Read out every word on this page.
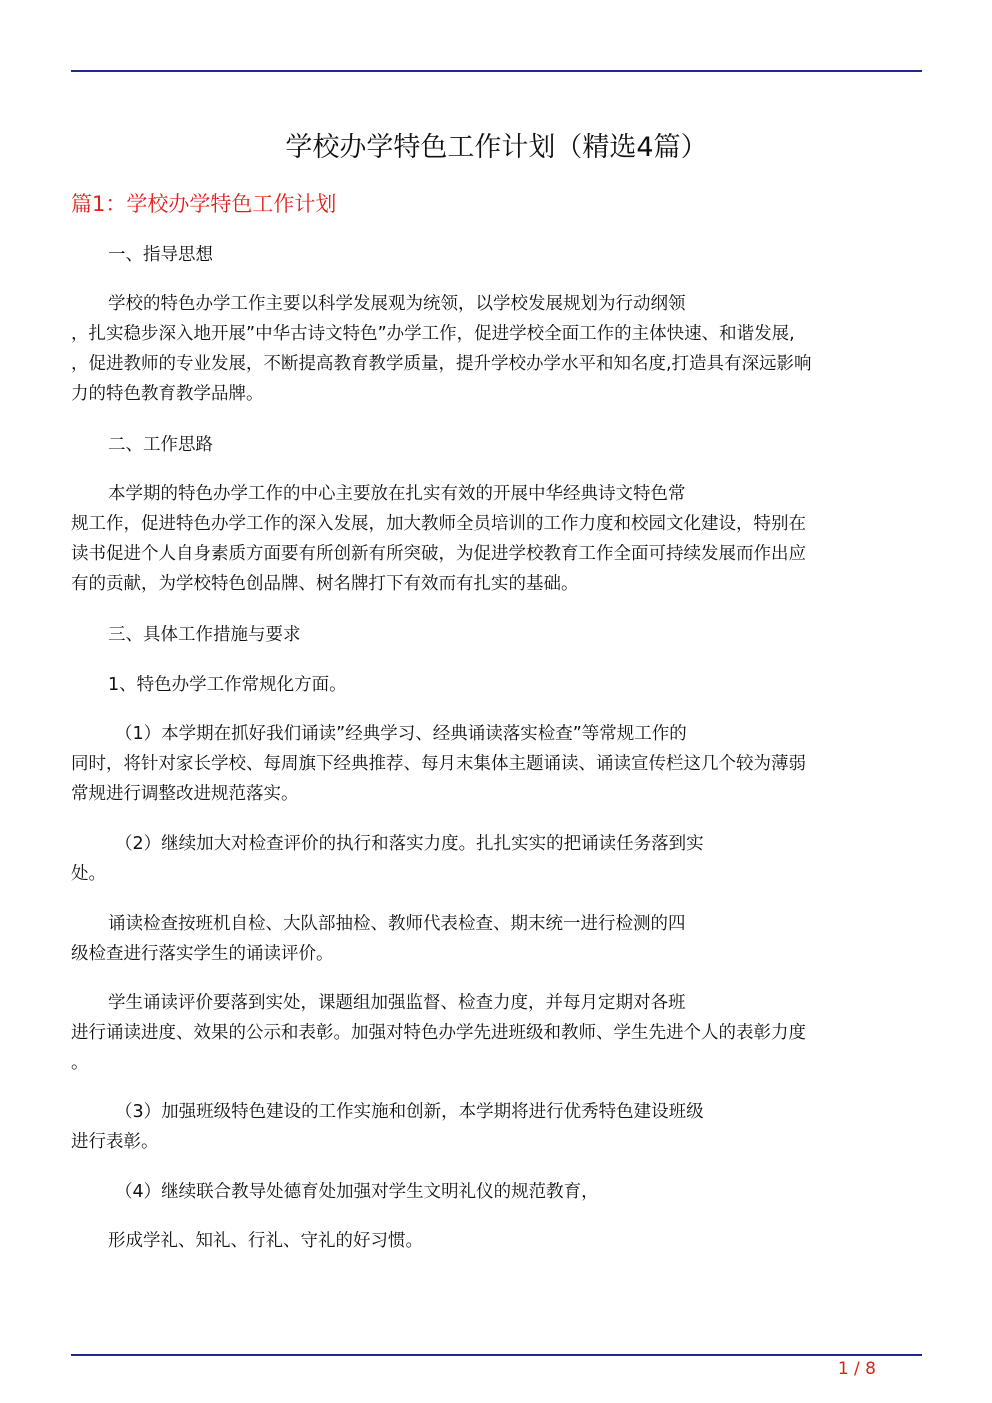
学校办学特色工作计划（精选4篇）
篇1：学校办学特色工作计划
一、指导思想
学校的特色办学工作主要以科学发展观为统领，以学校发展规划为行动纲领
，扎实稳步深入地开展”中华古诗文特色”办学工作，促进学校全面工作的主体快速、和谐发展,
，促进教师的专业发展，不断提高教育教学质量，提升学校办学水平和知名度,打造具有深远影响
力的特色教育教学品牌。
二、工作思路
本学期的特色办学工作的中心主要放在扎实有效的开展中华经典诗文特色常
规工作，促进特色办学工作的深入发展，加大教师全员培训的工作力度和校园文化建设，特别在
读书促进个人自身素质方面要有所创新有所突破，为促进学校教育工作全面可持续发展而作出应
有的贡献，为学校特色创品牌、树名牌打下有效而有扎实的基础。
三、具体工作措施与要求
1、特色办学工作常规化方面。
（1）本学期在抓好我们诵读”经典学习、经典诵读落实检查”等常规工作的
同时，将针对家长学校、每周旗下经典推荐、每月末集体主题诵读、诵读宣传栏这几个较为薄弱
常规进行调整改进规范落实。
（2）继续加大对检查评价的执行和落实力度。扎扎实实的把诵读任务落到实
处。
诵读检查按班机自检、大队部抽检、教师代表检查、期末统一进行检测的四
级检查进行落实学生的诵读评价。
学生诵读评价要落到实处，课题组加强监督、检查力度，并每月定期对各班
进行诵读进度、效果的公示和表彰。加强对特色办学先进班级和教师、学生先进个人的表彰力度
。
（3）加强班级特色建设的工作实施和创新，本学期将进行优秀特色建设班级
进行表彰。
（4）继续联合教导处德育处加强对学生文明礼仪的规范教育，
形成学礼、知礼、行礼、守礼的好习惯。
1 / 8
